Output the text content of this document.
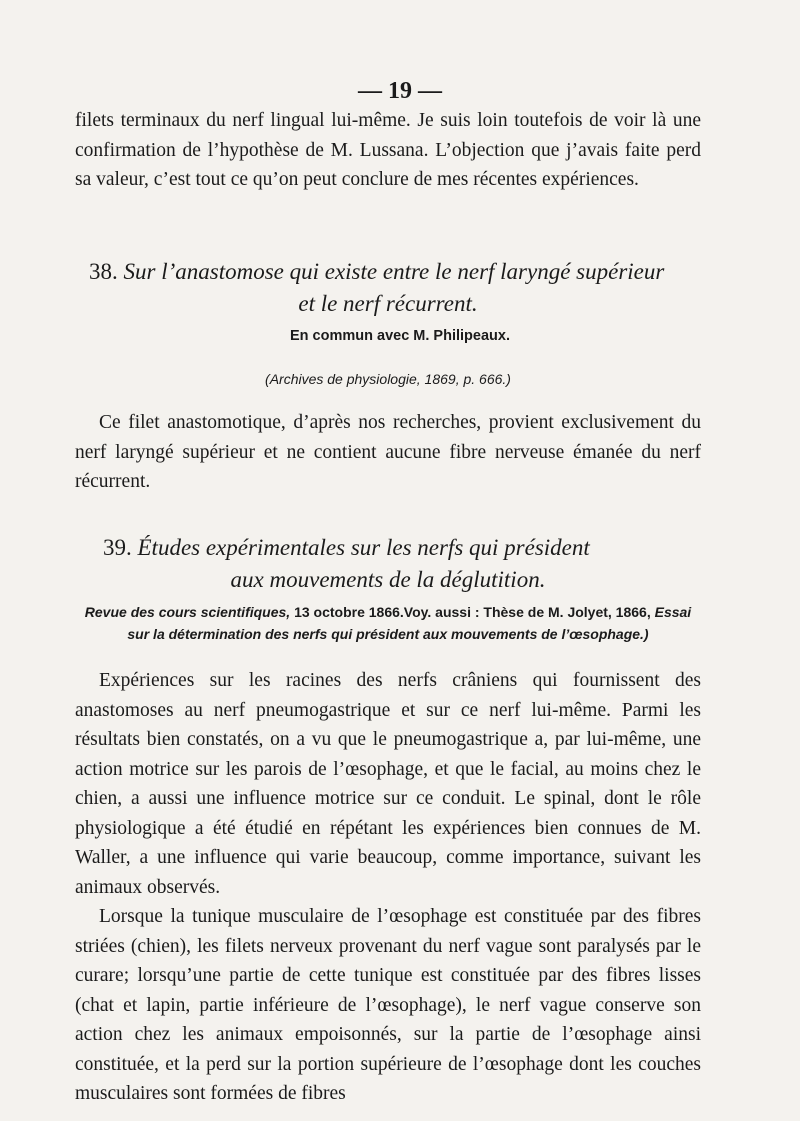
— 19 —

filets terminaux du nerf lingual lui-même. Je suis loin toutefois de voir là une confirmation de l’hypothèse de M. Lussana. L’objection que j’avais faite perd sa valeur, c’est tout ce qu’on peut conclure de mes récentes expériences.

38. Sur l’anastomose qui existe entre le nerf laryngé supérieur
et le nerf récurrent.
En commun avec M. Philipeaux.
(Archives de physiologie, 1869, p. 666.)

Ce filet anastomotique, d’après nos recherches, provient exclusivement du nerf laryngé supérieur et ne contient aucune fibre nerveuse émanée du nerf récurrent.

39. Études expérimentales sur les nerfs qui président
aux mouvements de la déglutition.
Revue des cours scientifiques, 13 octobre 1866.Voy. aussi : Thèse de M. Jolyet, 1866, Essai sur la détermination des nerfs qui président aux mouvements de l’œsophage.)

Expériences sur les racines des nerfs crâniens qui fournissent des anastomoses au nerf pneumogastrique et sur ce nerf lui-même. Parmi les résultats bien constatés, on a vu que le pneumogastrique a, par lui-même, une action motrice sur les parois de l’œsophage, et que le facial, au moins chez le chien, a aussi une influence motrice sur ce conduit. Le spinal, dont le rôle physiologique a été étudié en répétant les expériences bien connues de M. Waller, a une influence qui varie beaucoup, comme importance, suivant les animaux observés.

Lorsque la tunique musculaire de l’œsophage est constituée par des fibres striées (chien), les filets nerveux provenant du nerf vague sont paralysés par le curare; lorsqu’une partie de cette tunique est constituée par des fibres lisses (chat et lapin, partie inférieure de l’œsophage), le nerf vague conserve son action chez les animaux empoisonnés, sur la partie de l’œsophage ainsi constituée, et la perd sur la portion supérieure de l’œsophage dont les couches musculaires sont formées de fibres
